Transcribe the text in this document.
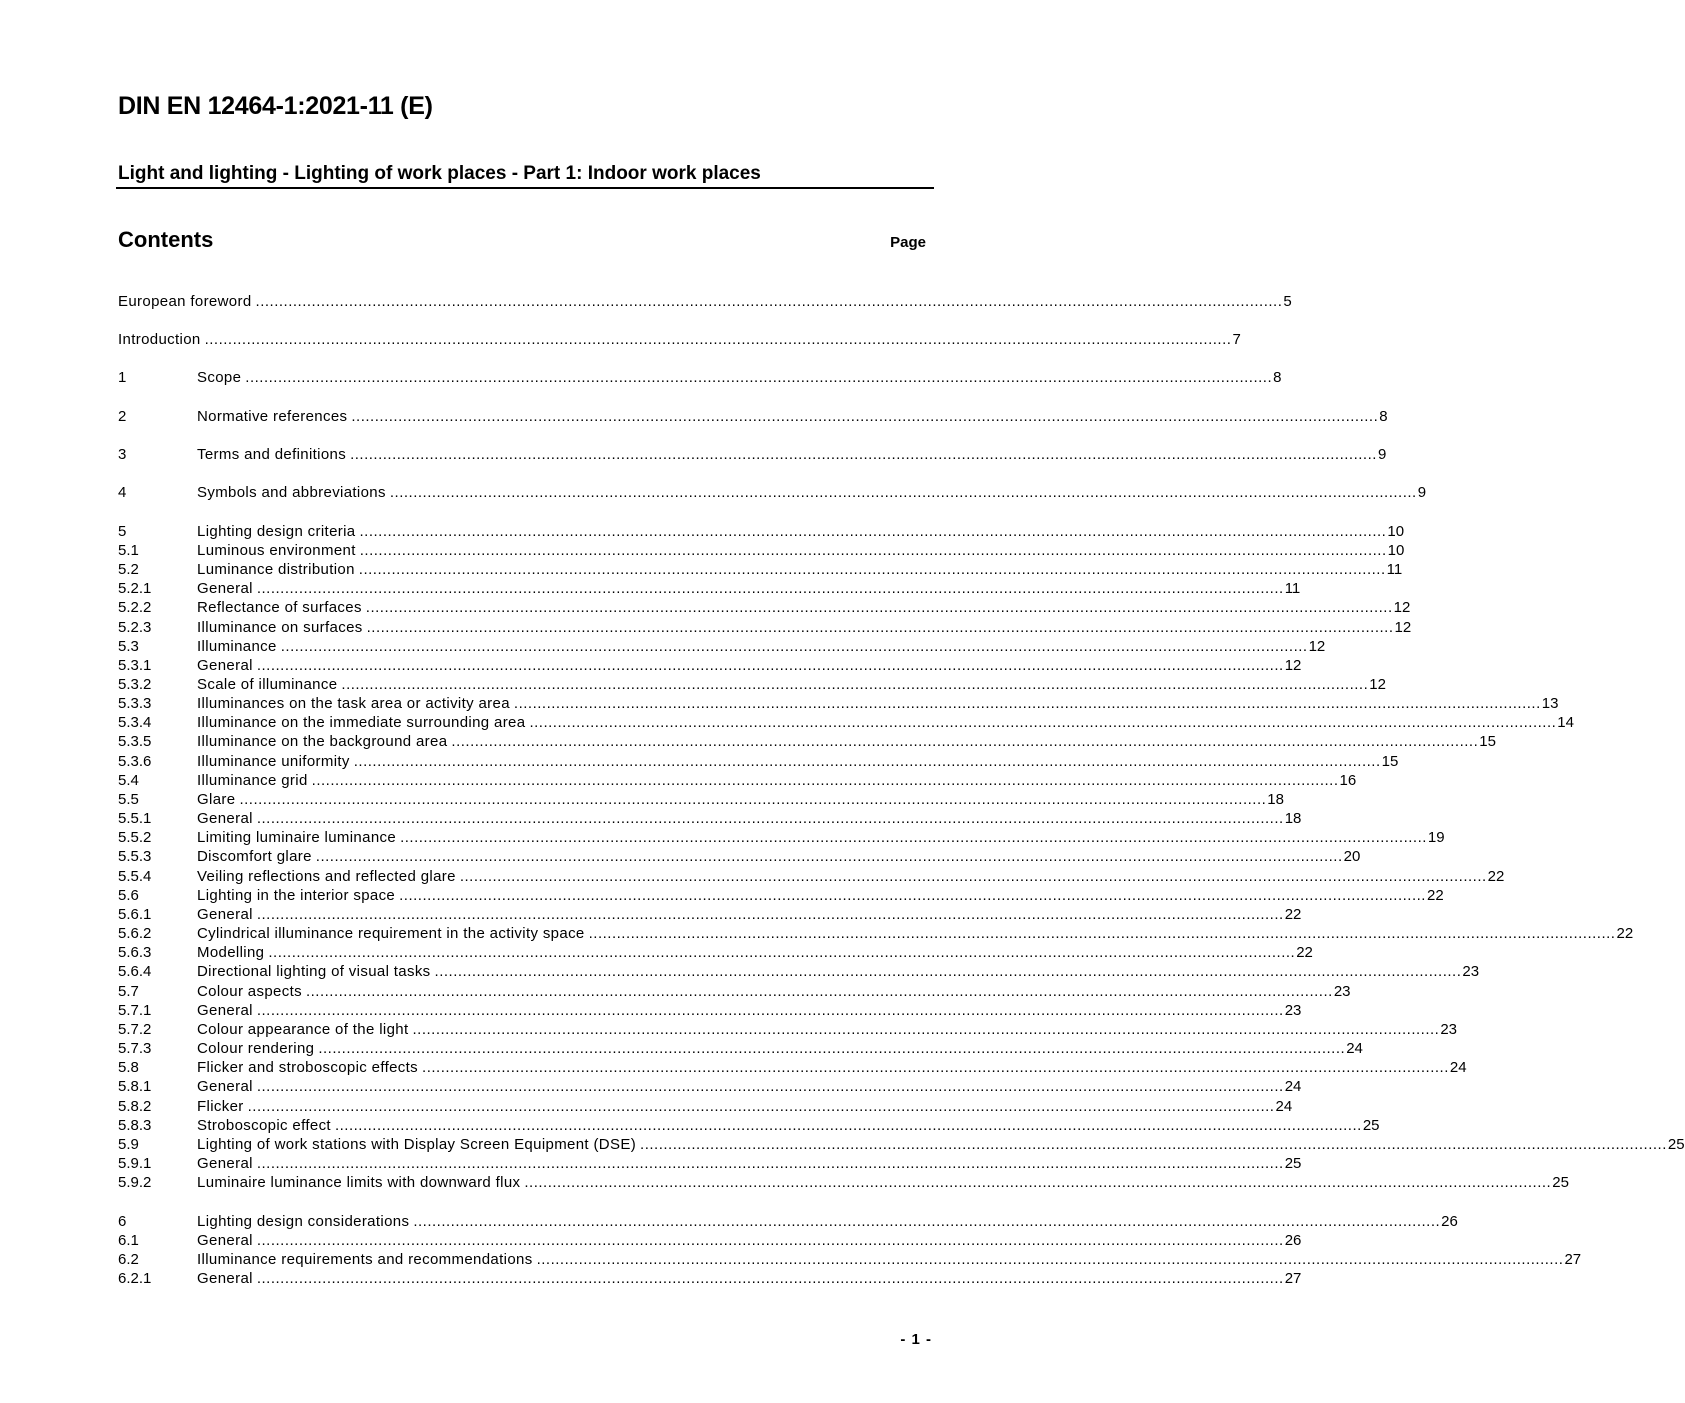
DIN EN 12464-1:2021-11 (E)
Light and lighting - Lighting of work places - Part 1: Indoor work places
Contents	Page
European foreword ............................................................................................................................................................................................................................ 5
Introduction ............................................................................................................................................................................................................................ 7
1	Scope ............................................................................................................................................................................................................................ 8
2	Normative references ............................................................................................................................................................................................................................ 8
3	Terms and definitions ............................................................................................................................................................................................................................ 9
4	Symbols and abbreviations ............................................................................................................................................................................................................................ 9
5	Lighting design criteria ............................................................................................................................................................................................................................ 10
5.1	Luminous environment ............................................................................................................................................................................................................................ 10
5.2	Luminance distribution ............................................................................................................................................................................................................................ 11
5.2.1	General ............................................................................................................................................................................................................................ 11
5.2.2	Reflectance of surfaces ............................................................................................................................................................................................................................ 12
5.2.3	Illuminance on surfaces ............................................................................................................................................................................................................................ 12
5.3	Illuminance ............................................................................................................................................................................................................................ 12
5.3.1	General ............................................................................................................................................................................................................................ 12
5.3.2	Scale of illuminance ............................................................................................................................................................................................................................ 12
5.3.3	Illuminances on the task area or activity area ............................................................................................................................................................................................................................ 13
5.3.4	Illuminance on the immediate surrounding area ............................................................................................................................................................................................................................ 14
5.3.5	Illuminance on the background area ............................................................................................................................................................................................................................ 15
5.3.6	Illuminance uniformity ............................................................................................................................................................................................................................ 15
5.4	Illuminance grid ............................................................................................................................................................................................................................ 16
5.5	Glare ............................................................................................................................................................................................................................ 18
5.5.1	General ............................................................................................................................................................................................................................ 18
5.5.2	Limiting luminaire luminance ............................................................................................................................................................................................................................ 19
5.5.3	Discomfort glare ............................................................................................................................................................................................................................ 20
5.5.4	Veiling reflections and reflected glare ............................................................................................................................................................................................................................ 22
5.6	Lighting in the interior space ............................................................................................................................................................................................................................ 22
5.6.1	General ............................................................................................................................................................................................................................ 22
5.6.2	Cylindrical illuminance requirement in the activity space ............................................................................................................................................................................................................................ 22
5.6.3	Modelling ............................................................................................................................................................................................................................ 22
5.6.4	Directional lighting of visual tasks ............................................................................................................................................................................................................................ 23
5.7	Colour aspects ............................................................................................................................................................................................................................ 23
5.7.1	General ............................................................................................................................................................................................................................ 23
5.7.2	Colour appearance of the light ............................................................................................................................................................................................................................ 23
5.7.3	Colour rendering ............................................................................................................................................................................................................................ 24
5.8	Flicker and stroboscopic effects ............................................................................................................................................................................................................................ 24
5.8.1	General ............................................................................................................................................................................................................................ 24
5.8.2	Flicker ............................................................................................................................................................................................................................ 24
5.8.3	Stroboscopic effect ............................................................................................................................................................................................................................ 25
5.9	Lighting of work stations with Display Screen Equipment (DSE) ............................................................................................................................................................................................................................ 25
5.9.1	General ............................................................................................................................................................................................................................ 25
5.9.2	Luminaire luminance limits with downward flux ............................................................................................................................................................................................................................ 25
6	Lighting design considerations ............................................................................................................................................................................................................................ 26
6.1	General ............................................................................................................................................................................................................................ 26
6.2	Illuminance requirements and recommendations ............................................................................................................................................................................................................................ 27
6.2.1	General ............................................................................................................................................................................................................................ 27
- 1 -
